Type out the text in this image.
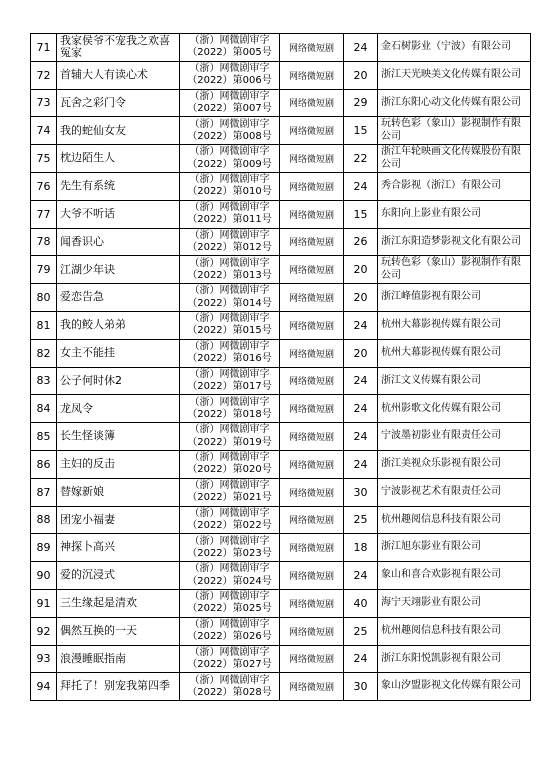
71	我家侯爷不宠我之欢喜冤家	（浙）网微剧审字
（2022）第005号	网络微短剧	24	金石树影业（宁波）有限公司
72	首辅大人有读心术	（浙）网微剧审字
（2022）第006号	网络微短剧	20	浙江天光映美文化传媒有限公司
73	瓦舍之彩门令	（浙）网微剧审字
（2022）第007号	网络微短剧	29	浙江东阳心动文化传媒有限公司
74	我的蛇仙女友	（浙）网微剧审字
（2022）第008号	网络微短剧	15	玩转色彩（象山）影视制作有限公司
75	枕边陌生人	（浙）网微剧审字
（2022）第009号	网络微短剧	22	浙江年轮映画文化传媒股份有限公司
76	先生有系统	（浙）网微剧审字
（2022）第010号	网络微短剧	24	秀合影视（浙江）有限公司
77	大爷不听话	（浙）网微剧审字
（2022）第011号	网络微短剧	15	东阳向上影业有限公司
78	闻香识心	（浙）网微剧审字
（2022）第012号	网络微短剧	26	浙江东阳造梦影视文化有限公司
79	江湖少年诀	（浙）网微剧审字
（2022）第013号	网络微短剧	20	玩转色彩（象山）影视制作有限公司
80	爱恋告急	（浙）网微剧审字
（2022）第014号	网络微短剧	20	浙江峰值影视有限公司
81	我的鲛人弟弟	（浙）网微剧审字
（2022）第015号	网络微短剧	24	杭州大幕影视传媒有限公司
82	女主不能挂	（浙）网微剧审字
（2022）第016号	网络微短剧	20	杭州大幕影视传媒有限公司
83	公子何时休2	（浙）网微剧审字
（2022）第017号	网络微短剧	24	浙江文义传媒有限公司
84	龙凤令	（浙）网微剧审字
（2022）第018号	网络微短剧	24	杭州影歌文化传媒有限公司
85	长生怪谈簿	（浙）网微剧审字
（2022）第019号	网络微短剧	24	宁波墨初影业有限责任公司
86	主妇的反击	（浙）网微剧审字
（2022）第020号	网络微短剧	24	浙江美视众乐影视有限公司
87	替嫁新娘	（浙）网微剧审字
（2022）第021号	网络微短剧	30	宁波影视艺术有限责任公司
88	团宠小福妻	（浙）网微剧审字
（2022）第022号	网络微短剧	25	杭州趣阅信息科技有限公司
89	神探卜高兴	（浙）网微剧审字
（2022）第023号	网络微短剧	18	浙江旭东影业有限公司
90	爱的沉浸式	（浙）网微剧审字
（2022）第024号	网络微短剧	24	象山和喜合欢影视有限公司
91	三生缘起是清欢	（浙）网微剧审字
（2022）第025号	网络微短剧	40	海宁天翊影业有限公司
92	偶然互换的一天	（浙）网微剧审字
（2022）第026号	网络微短剧	25	杭州趣阅信息科技有限公司
93	浪漫睡眠指南	（浙）网微剧审字
（2022）第027号	网络微短剧	24	浙江东阳悦凯影视有限公司
94	拜托了！别宠我第四季	（浙）网微剧审字
（2022）第028号	网络微短剧	30	象山汐盟影视文化传媒有限公司
